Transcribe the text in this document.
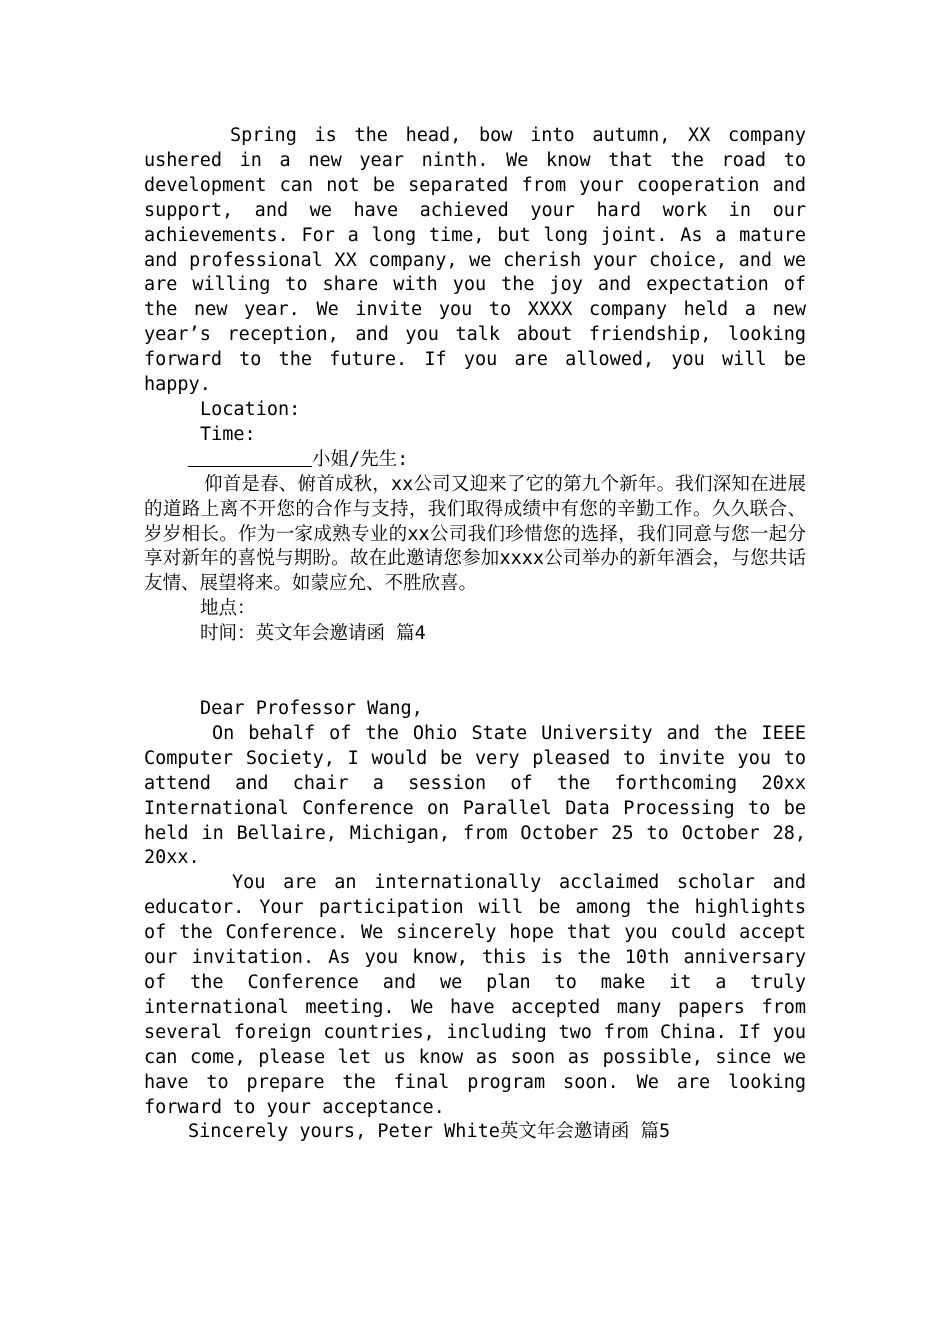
Spring is the head, bow into autumn, XX company ushered in a new year ninth. We know that the road to development can not be separated from your cooperation and support, and we have achieved your hard work in our achievements. For a long time, but long joint. As a mature and professional XX company, we cherish your choice, and we are willing to share with you the joy and expectation of the new year. We invite you to XXXX company held a new year’s reception, and you talk about friendship, looking forward to the future. If you are allowed, you will be happy.

Location:

Time:

小姐/先生:

仰首是春、俯首成秋，xx公司又迎来了它的第九个新年。我们深知在进展的道路上离不开您的合作与支持，我们取得成绩中有您的辛勤工作。久久联合、岁岁相长。作为一家成熟专业的xx公司我们珍惜您的选择，我们同意与您一起分享对新年的喜悦与期盼。故在此邀请您参加xxxx公司举办的新年酒会，与您共话友情、展望将来。如蒙应允、不胜欣喜。

地点：

时间：英文年会邀请函 篇4

Dear Professor Wang,

On behalf of the Ohio State University and the IEEE Computer Society, I would be very pleased to invite you to attend and chair a session of the forthcoming 20xx International Conference on Parallel Data Processing to be held in Bellaire, Michigan, from October 25 to October 28, 20xx.

You are an internationally acclaimed scholar and educator. Your participation will be among the highlights of the Conference. We sincerely hope that you could accept our invitation. As you know, this is the 10th anniversary of the Conference and we plan to make it a truly international meeting. We have accepted many papers from several foreign countries, including two from China. If you can come, please let us know as soon as possible, since we have to prepare the final program soon. We are looking forward to your acceptance.

Sincerely yours, Peter White英文年会邀请函 篇5
